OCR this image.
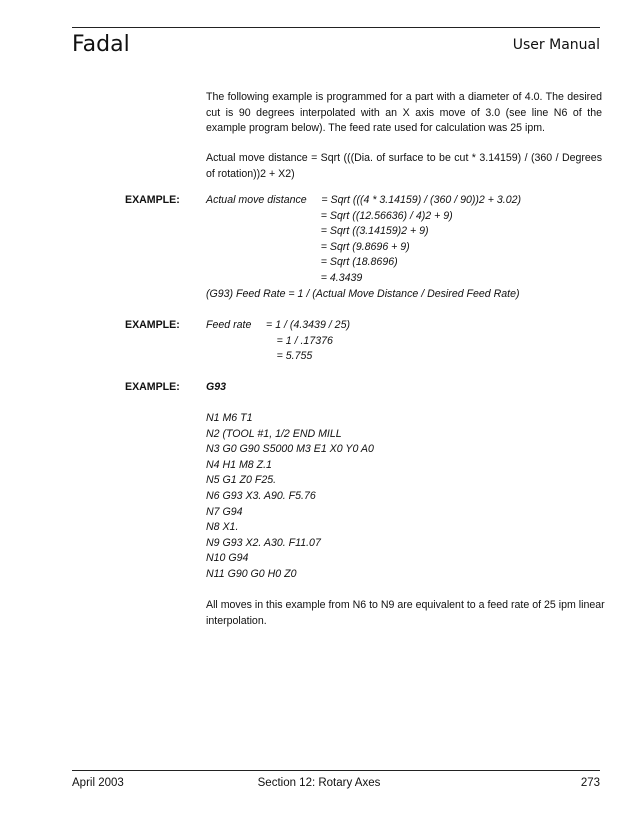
Fadal	User Manual
The following example is programmed for a part with a diameter of 4.0. The desired cut is 90 degrees interpolated with an X axis move of 3.0 (see line N6 of the example program below). The feed rate used for calculation was 25 ipm.
Actual move distance = Sqrt (((Dia. of surface to be cut * 3.14159) / (360 / Degrees of rotation))2 + X2)
EXAMPLE: Actual move distance     = Sqrt (((4 * 3.14159) / (360 / 90))2 + 3.02)
= Sqrt ((12.56636) / 4)2 + 9)
= Sqrt ((3.14159)2 + 9)
= Sqrt (9.8696 + 9)
= Sqrt (18.8696)
= 4.3439
(G93) Feed Rate = 1 / (Actual Move Distance / Desired Feed Rate)
EXAMPLE: Feed rate     = 1 / (4.3439 / 25)
= 1 / .17376
= 5.755
EXAMPLE: G93
N1 M6 T1
N2 (TOOL #1, 1/2 END MILL
N3 G0 G90 S5000 M3 E1 X0 Y0 A0
N4 H1 M8 Z.1
N5 G1 Z0 F25.
N6 G93 X3. A90. F5.76
N7 G94
N8 X1.
N9 G93 X2. A30. F11.07
N10 G94
N11 G90 G0 H0 Z0
All moves in this example from N6 to N9 are equivalent to a feed rate of 25 ipm linear interpolation.
April 2003	Section 12: Rotary Axes	273
